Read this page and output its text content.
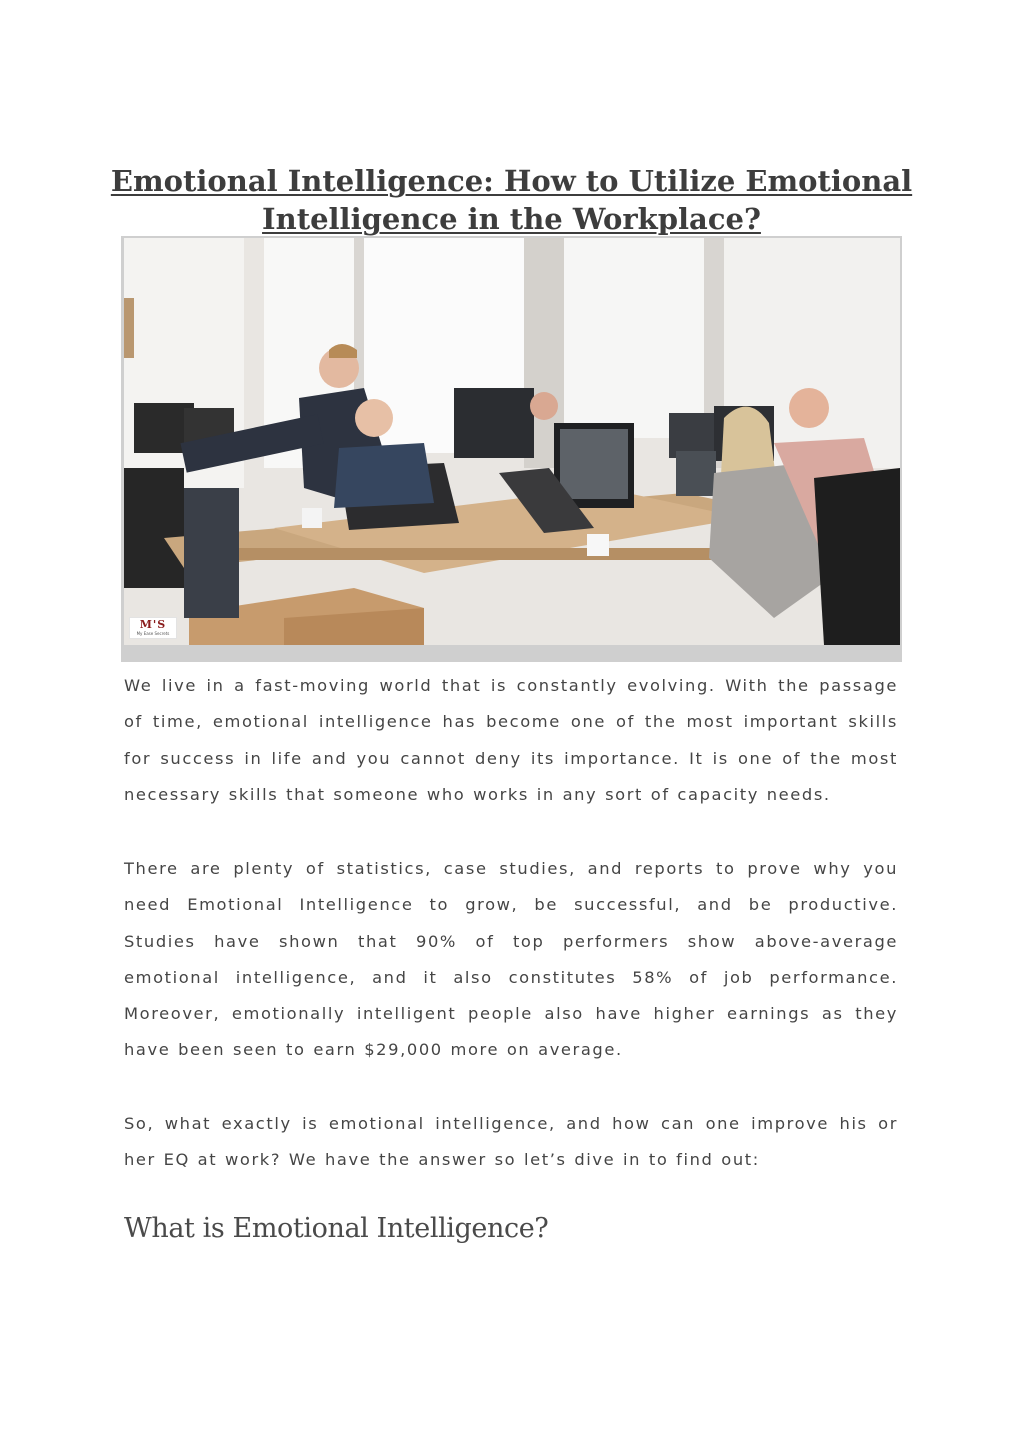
Emotional Intelligence: How to Utilize Emotional Intelligence in the Workplace?
M'S
My Ease Secrets

We live in a fast-moving world that is constantly evolving. With the passage of time, emotional intelligence has become one of the most important skills for success in life and you cannot deny its importance. It is one of the most necessary skills that someone who works in any sort of capacity needs.

There are plenty of statistics, case studies, and reports to prove why you need Emotional Intelligence to grow, be successful, and be productive. Studies have shown that 90% of top performers show above-average emotional intelligence, and it also constitutes 58% of job performance. Moreover, emotionally intelligent people also have higher earnings as they have been seen to earn $29,000 more on average.

So, what exactly is emotional intelligence, and how can one improve his or her EQ at work? We have the answer so let’s dive in to find out:

What is Emotional Intelligence?
